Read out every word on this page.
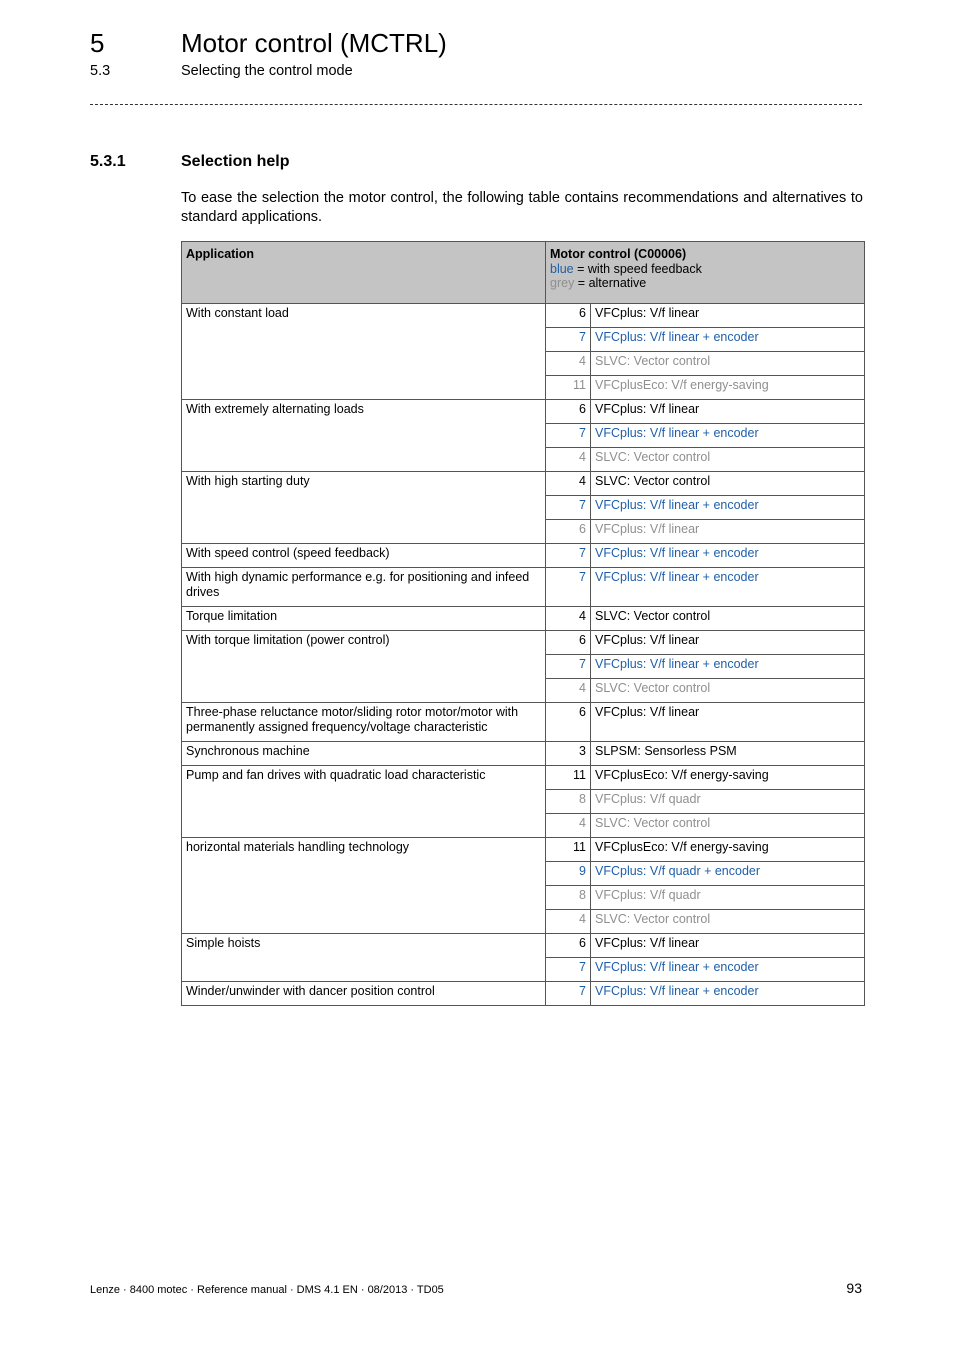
5	Motor control (MCTRL)
5.3	Selecting the control mode
5.3.1	Selection help

To ease the selection the motor control, the following table contains recommendations and alternatives to standard applications.

Application	Motor control (C00006)
blue = with speed feedback
grey = alternative	
With constant load	6	VFCplus: V/f linear
	7	VFCplus: V/f linear + encoder
	4	SLVC: Vector control
	11	VFCplusEco: V/f energy-saving
With extremely alternating loads	6	VFCplus: V/f linear
	7	VFCplus: V/f linear + encoder
	4	SLVC: Vector control
With high starting duty	4	SLVC: Vector control
	7	VFCplus: V/f linear + encoder
	6	VFCplus: V/f linear
With speed control (speed feedback)	7	VFCplus: V/f linear + encoder
With high dynamic performance e.g. for positioning and infeed drives	7	VFCplus: V/f linear + encoder
Torque limitation	4	SLVC: Vector control
With torque limitation (power control)	6	VFCplus: V/f linear
	7	VFCplus: V/f linear + encoder
	4	SLVC: Vector control
Three-phase reluctance motor/sliding rotor motor/motor with permanently assigned frequency/voltage characteristic	6	VFCplus: V/f linear
Synchronous machine	3	SLPSM: Sensorless PSM
Pump and fan drives with quadratic load characteristic	11	VFCplusEco: V/f energy-saving
	8	VFCplus: V/f quadr
	4	SLVC: Vector control
horizontal materials handling technology	11	VFCplusEco: V/f energy-saving
	9	VFCplus: V/f quadr + encoder
	8	VFCplus: V/f quadr
	4	SLVC: Vector control
Simple hoists	6	VFCplus: V/f linear
	7	VFCplus: V/f linear + encoder
Winder/unwinder with dancer position control	7	VFCplus: V/f linear + encoder
Lenze · 8400 motec · Reference manual · DMS 4.1 EN · 08/2013 · TD05	93
